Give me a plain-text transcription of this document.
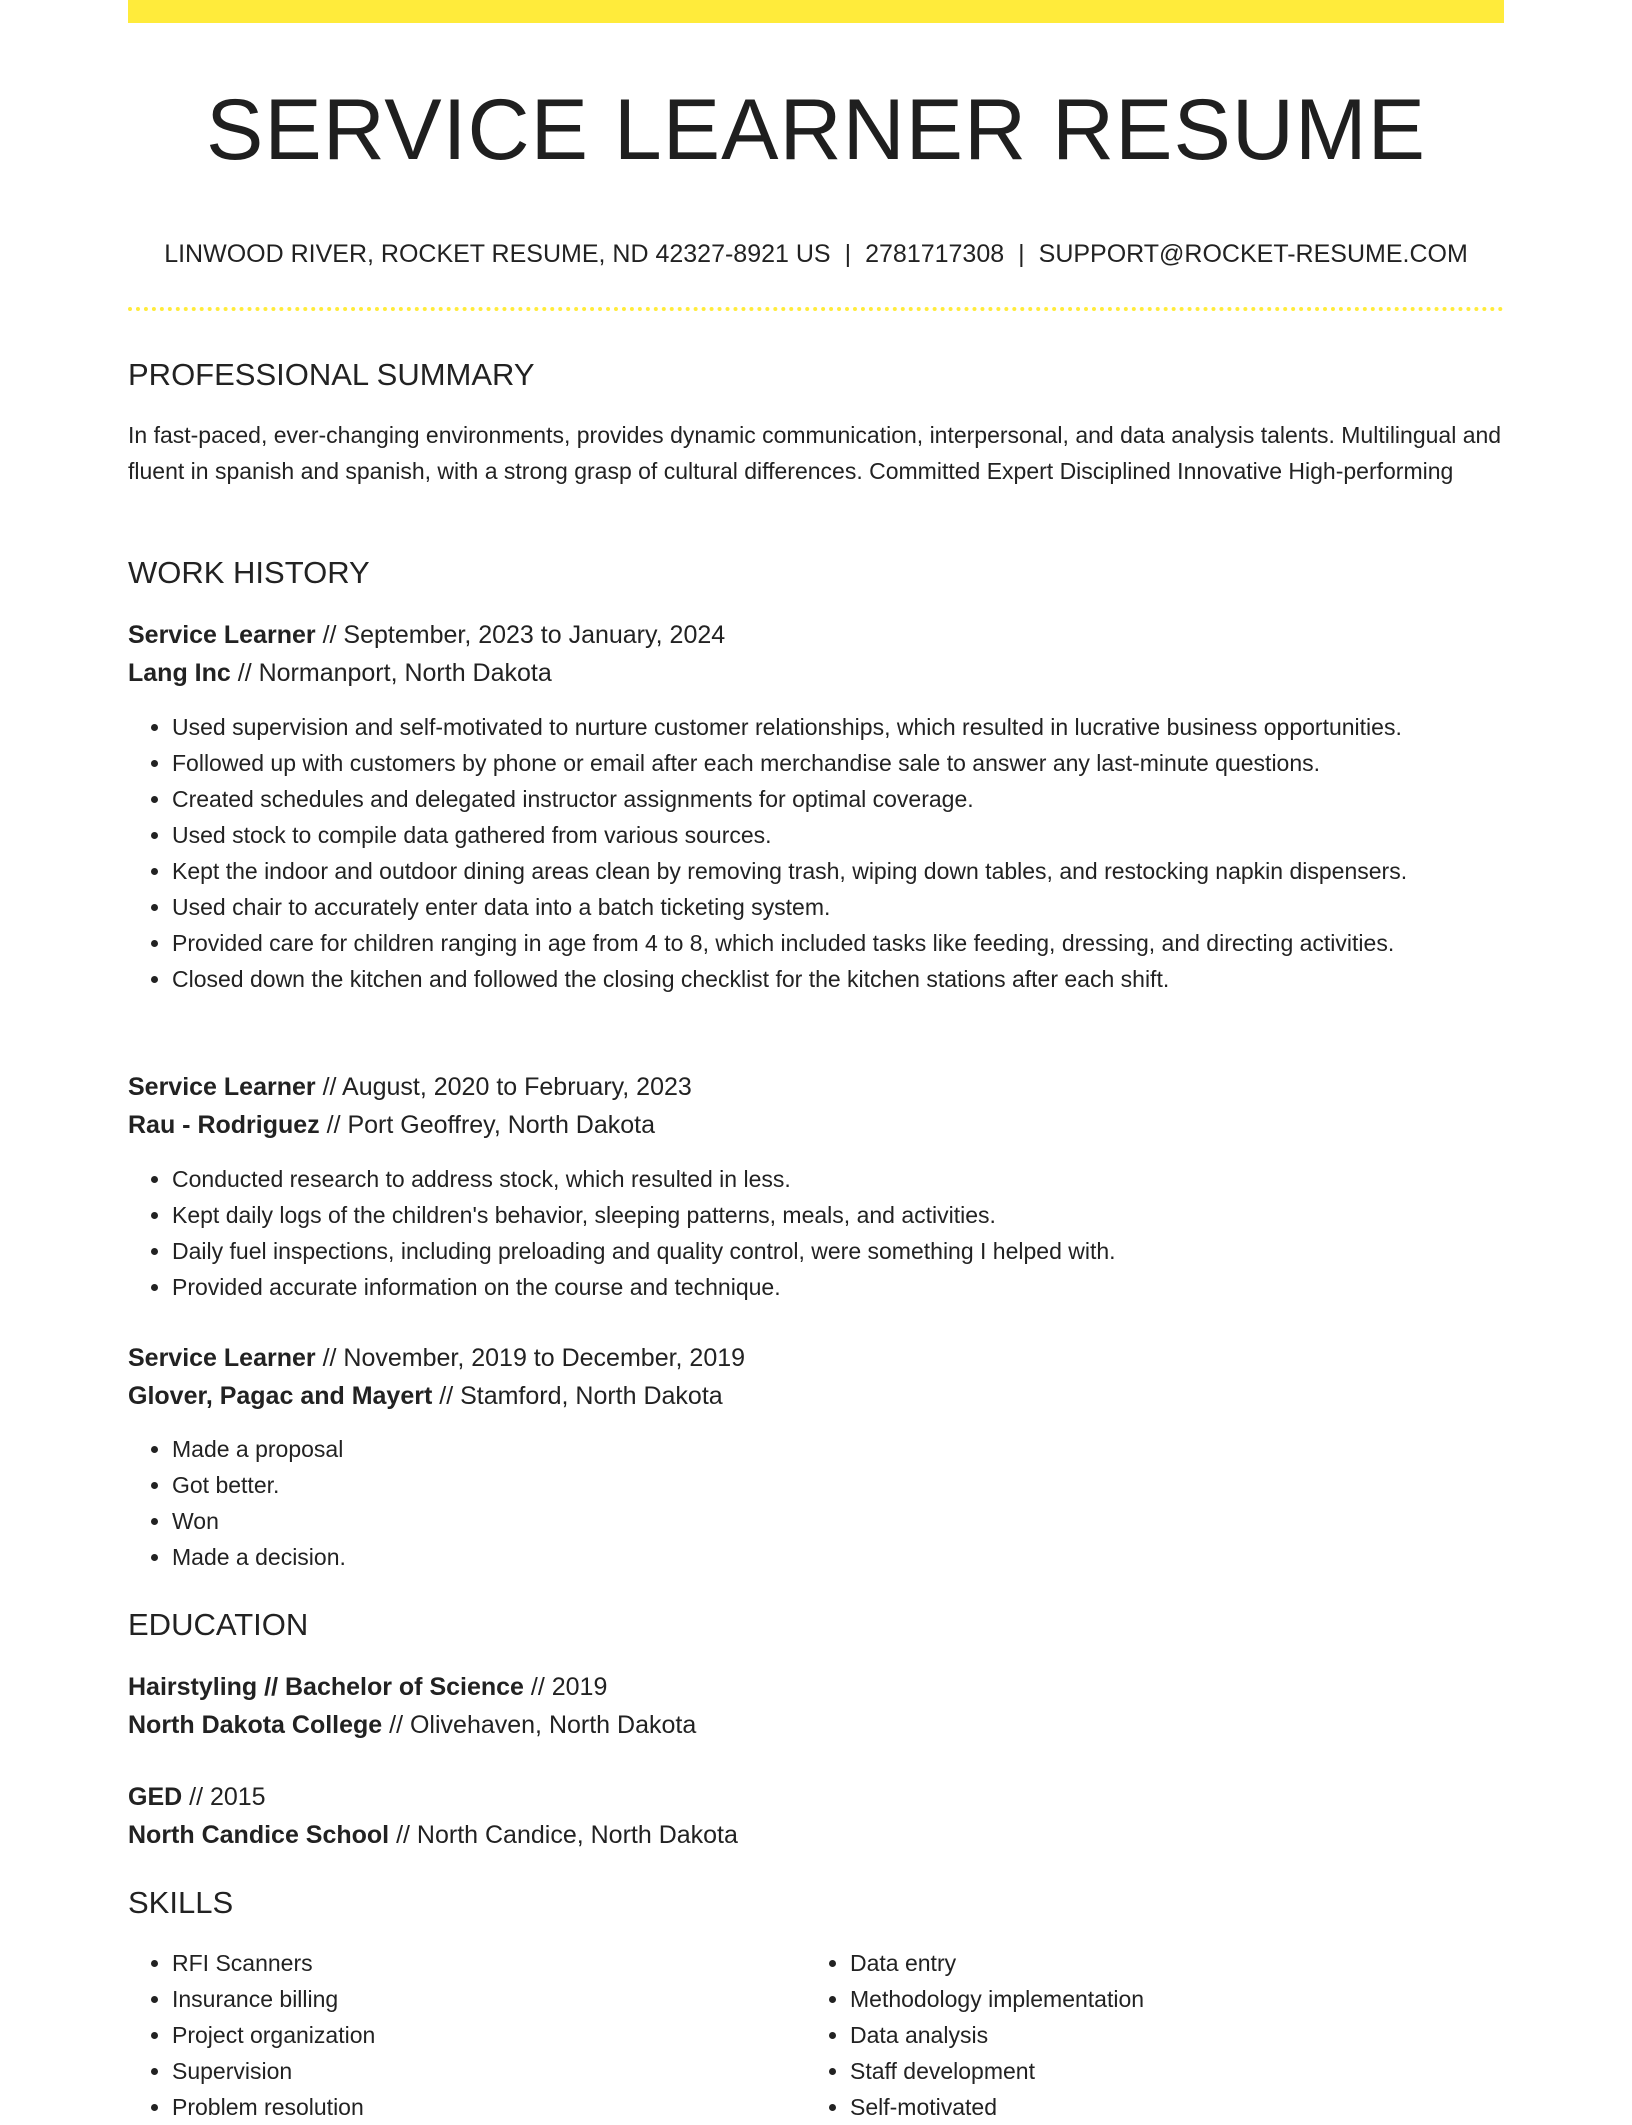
SERVICE LEARNER RESUME
LINWOOD RIVER, ROCKET RESUME, ND 42327-8921 US | 2781717308 | SUPPORT@ROCKET-RESUME.COM
PROFESSIONAL SUMMARY

In fast-paced, ever-changing environments, provides dynamic communication, interpersonal, and data analysis talents. Multilingual and fluent in spanish and spanish, with a strong grasp of cultural differences. Committed Expert Disciplined Innovative High-performing

WORK HISTORY
Service Learner // September, 2023 to January, 2024
Lang Inc // Normanport, North Dakota
• Used supervision and self-motivated to nurture customer relationships, which resulted in lucrative business opportunities.
• Followed up with customers by phone or email after each merchandise sale to answer any last-minute questions.
• Created schedules and delegated instructor assignments for optimal coverage.
• Used stock to compile data gathered from various sources.
• Kept the indoor and outdoor dining areas clean by removing trash, wiping down tables, and restocking napkin dispensers.
• Used chair to accurately enter data into a batch ticketing system.
• Provided care for children ranging in age from 4 to 8, which included tasks like feeding, dressing, and directing activities.
• Closed down the kitchen and followed the closing checklist for the kitchen stations after each shift.
Service Learner // August, 2020 to February, 2023
Rau - Rodriguez // Port Geoffrey, North Dakota
• Conducted research to address stock, which resulted in less.
• Kept daily logs of the children's behavior, sleeping patterns, meals, and activities.
• Daily fuel inspections, including preloading and quality control, were something I helped with.
• Provided accurate information on the course and technique.
Service Learner // November, 2019 to December, 2019
Glover, Pagac and Mayert // Stamford, North Dakota
• Made a proposal
• Got better.
• Won
• Made a decision.
EDUCATION
Hairstyling // Bachelor of Science // 2019
North Dakota College // Olivehaven, North Dakota
GED // 2015
North Candice School // North Candice, North Dakota
SKILLS
• RFI Scanners
• Insurance billing
• Project organization
• Supervision
• Problem resolution
• Data entry
• Methodology implementation
• Data analysis
• Staff development
• Self-motivated
